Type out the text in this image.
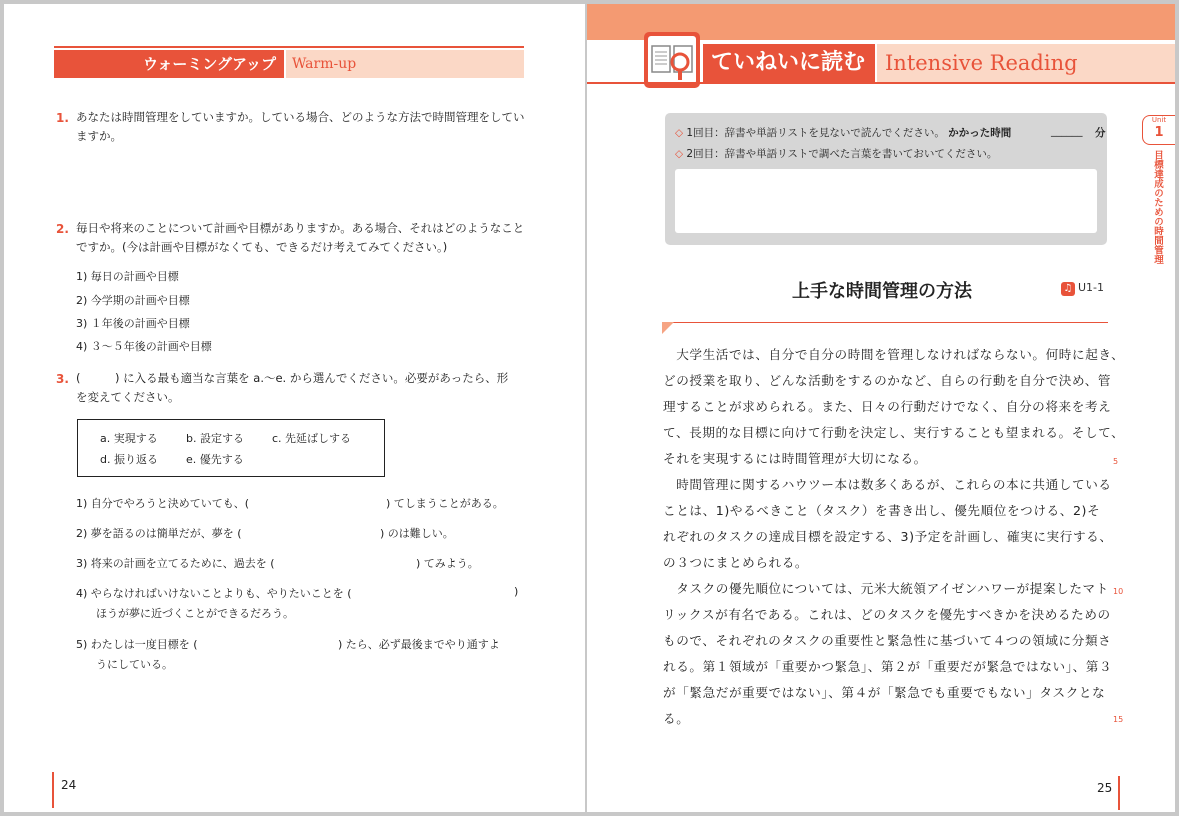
ウォーミングアップ	Warm-up
1. あなたは時間管理をしていますか。している場合、どのような方法で時間管理をしてい
ますか。
2. 毎日や将来のことについて計画や目標がありますか。ある場合、それはどのようなこと
ですか。(今は計画や目標がなくても、できるだけ考えてみてください。)
1) 毎日の計画や目標
2) 今学期の計画や目標
3) １年後の計画や目標
4) ３～５年後の計画や目標
3. (　　　) に入る最も適当な言葉を a.～e. から選んでください。必要があったら、形
を変えてください。
a. 実現する	b. 設定する	c. 先延ばしする
d. 振り返る	e. 優先する
1) 自分でやろうと決めていても、(	) てしまうことがある。
2) 夢を語るのは簡単だが、夢を (	) のは難しい。
3) 将来の計画を立てるために、過去を (	) てみよう。
4) やらなければいけないことよりも、やりたいことを (	)
ほうが夢に近づくことができるだろう。
5) わたしは一度目標を (	) たら、必ず最後までやり通すよ
うにしている。
24
ていねいに読む Intensive Reading
◇ 1回目：辞書や単語リストを見ないで読んでください。 かかった時間	______ 分
◇ 2回目：辞書や単語リストで調べた言葉を書いておいてください。
上手な時間管理の方法	♫ U1-1
　大学生活では、自分で自分の時間を管理しなければならない。何時に起き、
どの授業を取り、どんな活動をするのかなど、自らの行動を自分で決め、管
理することが求められる。また、日々の行動だけでなく、自分の将来を考え
て、長期的な目標に向けて行動を決定し、実行することも望まれる。そして、
それを実現するには時間管理が大切になる。
　時間管理に関するハウツー本は数多くあるが、これらの本に共通している
ことは、1)やるべきこと（タスク）を書き出し、優先順位をつける、2)そ
れぞれのタスクの達成目標を設定する、3)予定を計画し、確実に実行する、
の３つにまとめられる。
　タスクの優先順位については、元米大統領アイゼンハワーが提案したマト
リックスが有名である。これは、どのタスクを優先すべきかを決めるための
もので、それぞれのタスクの重要性と緊急性に基づいて４つの領域に分類さ
れる。第１領域が「重要かつ緊急」、第２が「重要だが緊急ではない」、第３
が「緊急だが重要ではない」、第４が「緊急でも重要でもない」タスクとな
る。
5
10
15
Unit
1
目標達成のための時間管理
25
